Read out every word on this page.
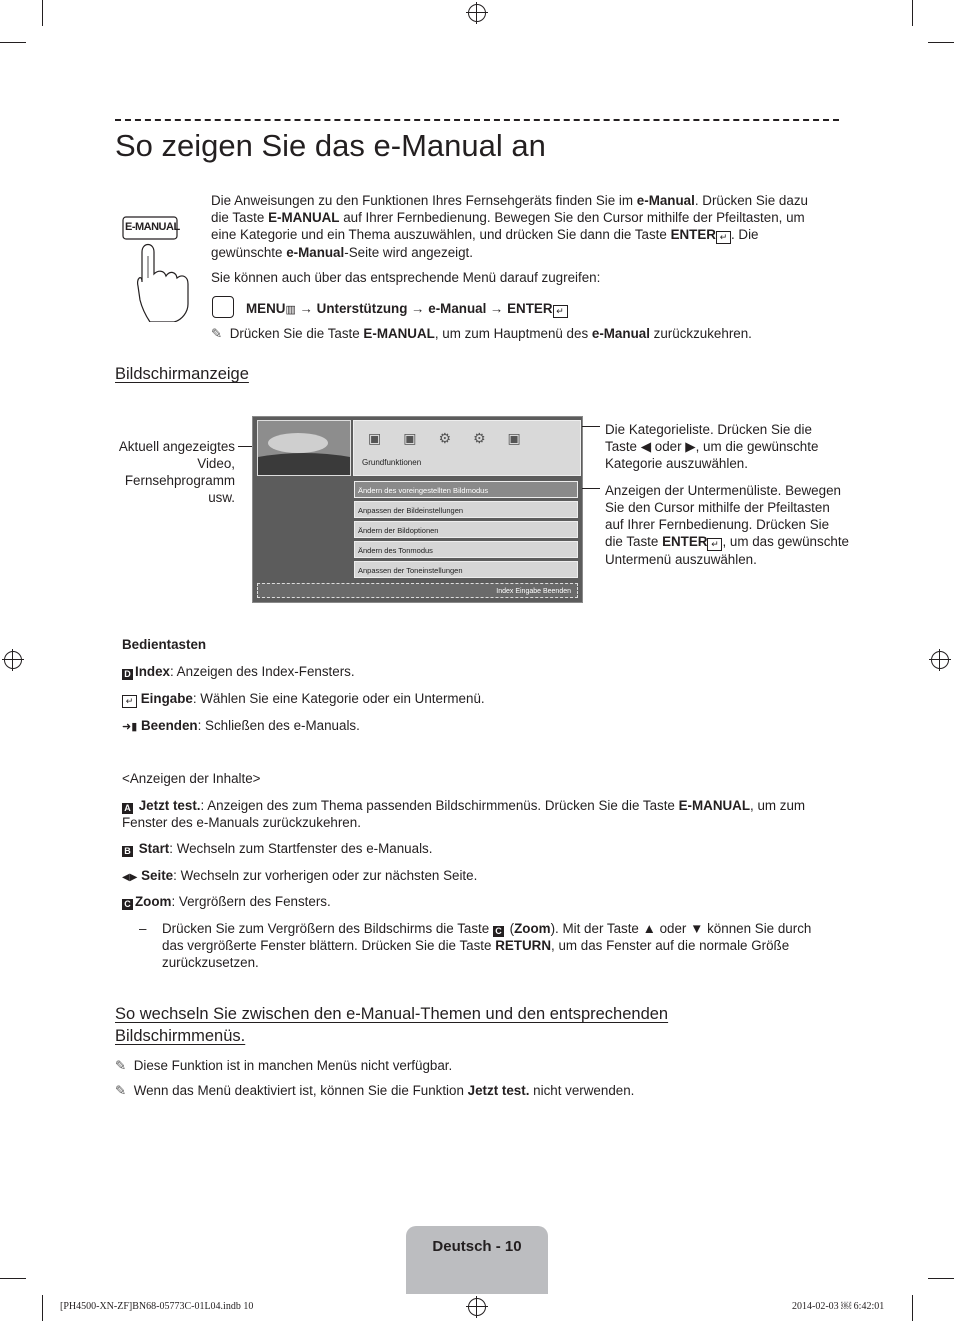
So zeigen Sie das e-Manual an
E-MANUAL

Die Anweisungen zu den Funktionen Ihres Fernsehgeräts finden Sie im e-Manual. Drücken Sie dazu die Taste E-MANUAL auf Ihrer Fernbedienung. Bewegen Sie den Cursor mithilfe der Pfeiltasten, um eine Kategorie und ein Thema auszuwählen, und drücken Sie dann die Taste ENTER ↵ . Die gewünschte e-Manual-Seite wird angezeigt.

Sie können auch über das entsprechende Menü darauf zugreifen:

MENU▥ → Unterstützung → e-Manual → ENTER ↵

✎ Drücken Sie die Taste E-MANUAL, um zum Hauptmenü des e-Manual zurückzukehren.

Bildschirmanzeige

Aktuell angezeigtes Video, Fernsehprogramm usw.

▣▣⚙⚙▣
Grundfunktionen
Ändern des voreingestellten Bildmodus
Anpassen der Bildeinstellungen
Ändern der Bildoptionen
Ändern des Tonmodus
Anpassen der Toneinstellungen
Index Eingabe Beenden

Die Kategorieliste. Drücken Sie die Taste ◀ oder ▶, um die gewünschte Kategorie auszuwählen.

Anzeigen der Untermenüliste. Bewegen Sie den Cursor mithilfe der Pfeiltasten auf Ihrer Fernbedienung. Drücken Sie die Taste ENTER ↵ , um das gewünschte Untermenü auszuwählen.

Bedientasten

D Index: Anzeigen des Index-Fensters.

↵ Eingabe: Wählen Sie eine Kategorie oder ein Untermenü.

➜▮ Beenden: Schließen des e-Manuals.

<Anzeigen der Inhalte>

A Jetzt test.: Anzeigen des zum Thema passenden Bildschirmmenüs. Drücken Sie die Taste E-MANUAL, um zum Fenster des e-Manuals zurückzukehren.

B Start: Wechseln zum Startfenster des e-Manuals.

◀▶ Seite: Wechseln zur vorherigen oder zur nächsten Seite.

C Zoom: Vergrößern des Fensters.

– Drücken Sie zum Vergrößern des Bildschirms die Taste C (Zoom). Mit der Taste ▲ oder ▼ können Sie durch das vergrößerte Fenster blättern. Drücken Sie die Taste RETURN, um das Fenster auf die normale Größe zurückzusetzen.

So wechseln Sie zwischen den e-Manual-Themen und den entsprechenden Bildschirmmenüs.

✎ Diese Funktion ist in manchen Menüs nicht verfügbar.

✎ Wenn das Menü deaktiviert ist, können Sie die Funktion Jetzt test. nicht verwenden.

Deutsch - 10
[PH4500-XN-ZF]BN68-05773C-01L04.indb 10	2014-02-03 ￼ 6:42:01
